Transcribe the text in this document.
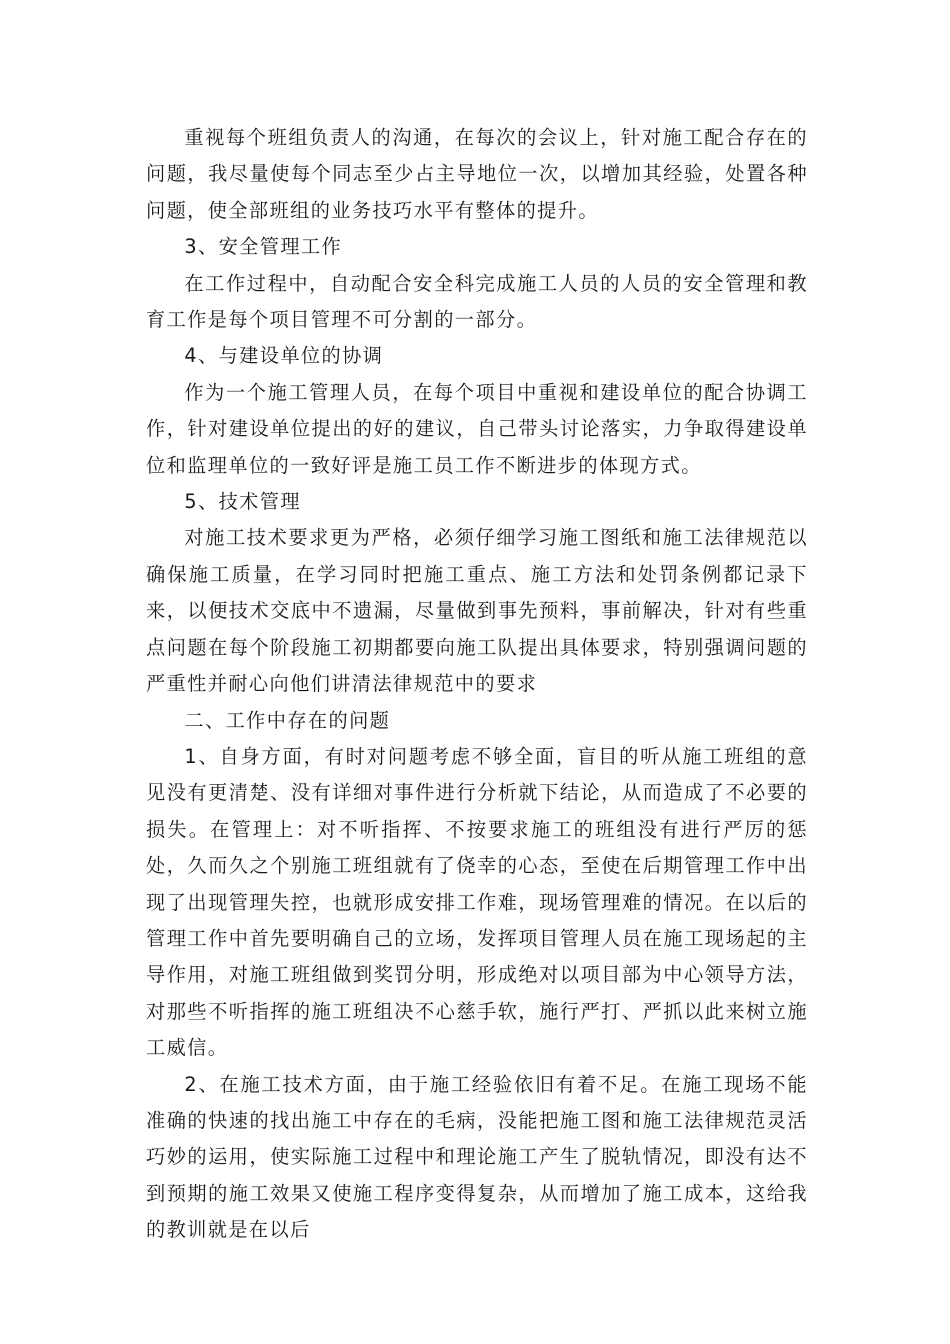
重视每个班组负责人的沟通，在每次的会议上，针对施工配合存在的问题，我尽量使每个同志至少占主导地位一次，以增加其经验，处置各种问题，使全部班组的业务技巧水平有整体的提升。

3、安全管理工作

在工作过程中，自动配合安全科完成施工人员的人员的安全管理和教育工作是每个项目管理不可分割的一部分。

4、与建设单位的协调

作为一个施工管理人员，在每个项目中重视和建设单位的配合协调工作，针对建设单位提出的好的建议，自己带头讨论落实，力争取得建设单位和监理单位的一致好评是施工员工作不断进步的体现方式。

5、技术管理

对施工技术要求更为严格，必须仔细学习施工图纸和施工法律规范以确保施工质量，在学习同时把施工重点、施工方法和处罚条例都记录下来，以便技术交底中不遗漏，尽量做到事先预料，事前解决，针对有些重点问题在每个阶段施工初期都要向施工队提出具体要求，特别强调问题的严重性并耐心向他们讲清法律规范中的要求

二、工作中存在的问题

1、自身方面，有时对问题考虑不够全面，盲目的听从施工班组的意见没有更清楚、没有详细对事件进行分析就下结论，从而造成了不必要的损失。在管理上：对不听指挥、不按要求施工的班组没有进行严厉的惩处，久而久之个别施工班组就有了侥幸的心态，至使在后期管理工作中出现了出现管理失控，也就形成安排工作难，现场管理难的情况。在以后的管理工作中首先要明确自己的立场，发挥项目管理人员在施工现场起的主导作用，对施工班组做到奖罚分明，形成绝对以项目部为中心领导方法，对那些不听指挥的施工班组决不心慈手软，施行严打、严抓以此来树立施工威信。

2、在施工技术方面，由于施工经验依旧有着不足。在施工现场不能准确的快速的找出施工中存在的毛病，没能把施工图和施工法律规范灵活巧妙的运用，使实际施工过程中和理论施工产生了脱轨情况，即没有达不到预期的施工效果又使施工程序变得复杂，从而增加了施工成本，这给我的教训就是在以后
